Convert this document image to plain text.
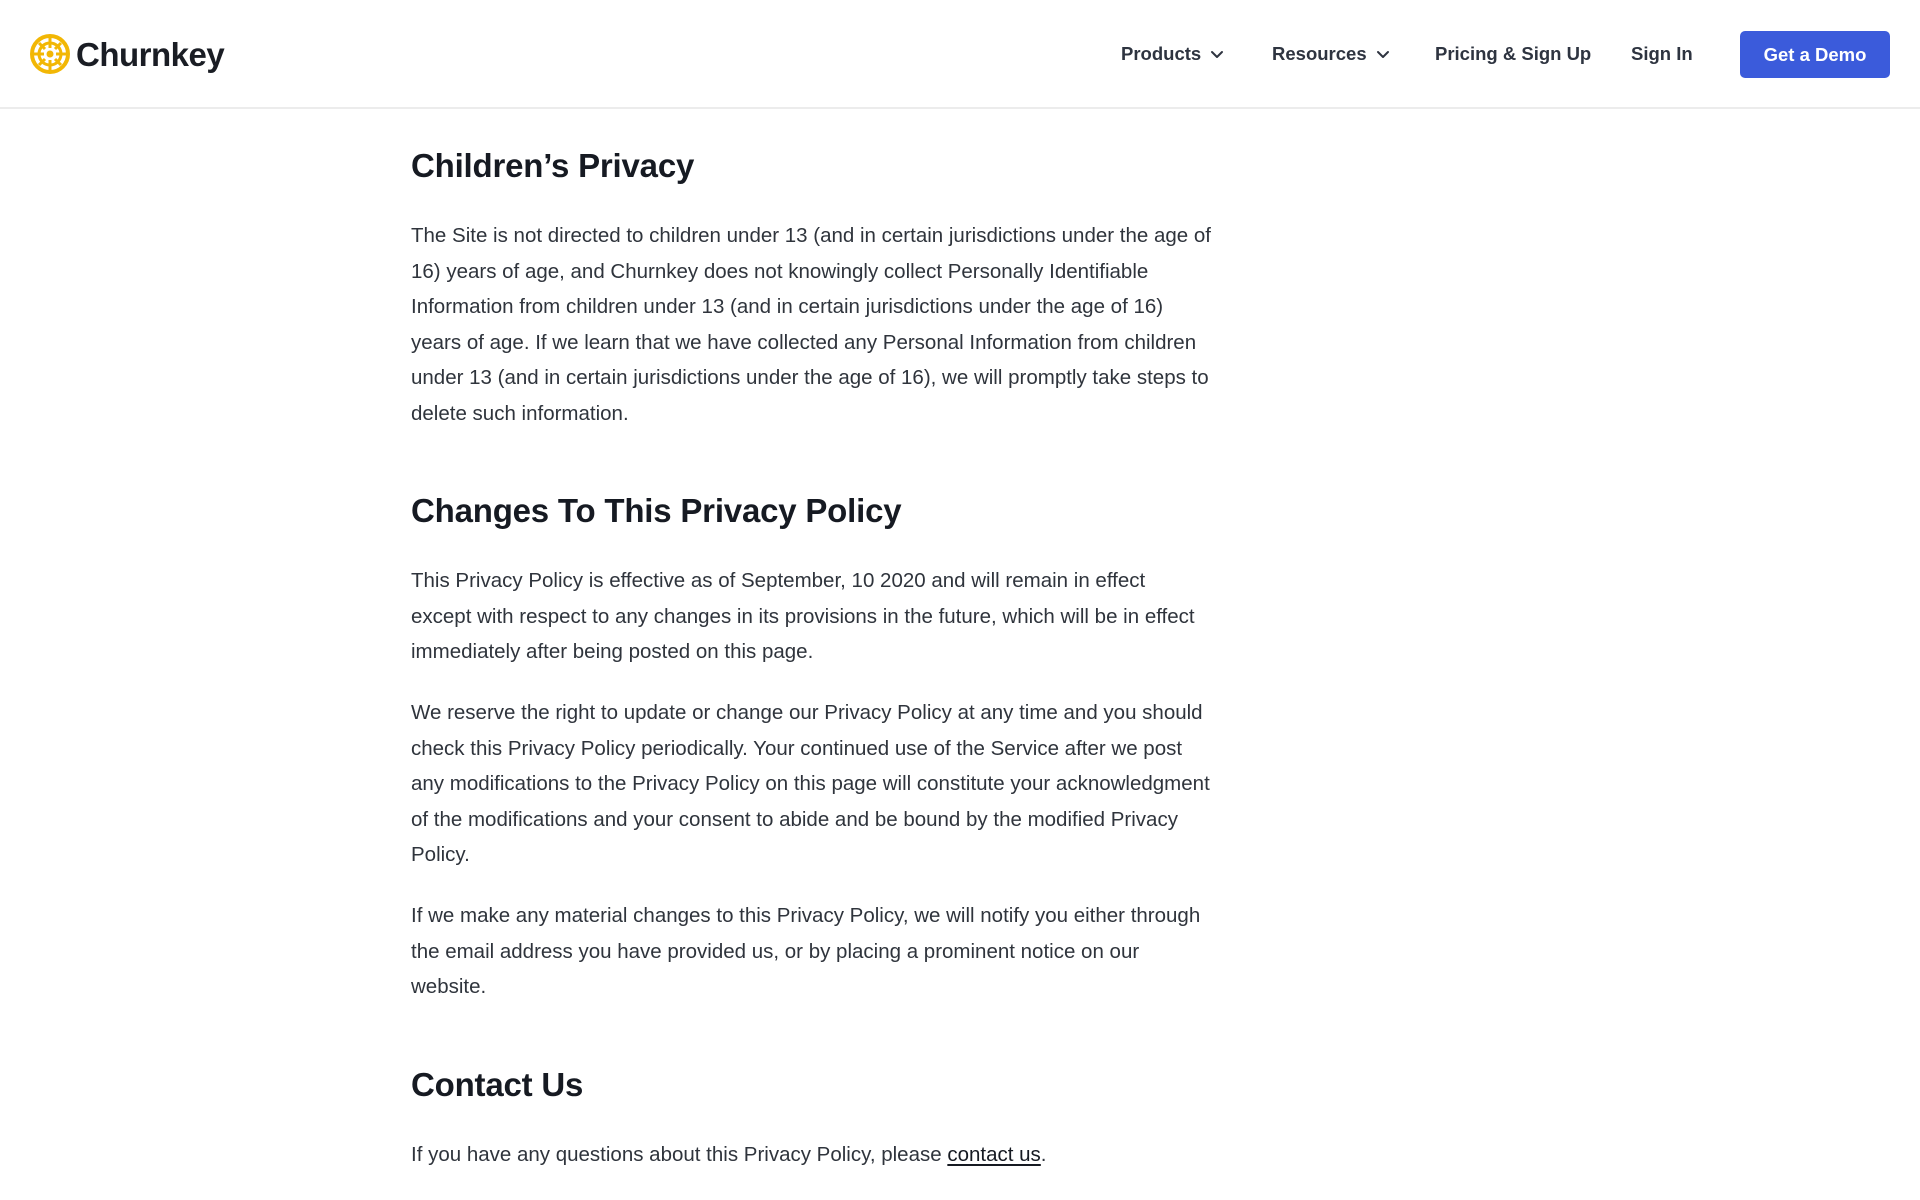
Churnkey	Products	Resources	Pricing & Sign Up Sign In	Get a Demo
Children’s Privacy

The Site is not directed to children under 13 (and in certain jurisdictions under the age of 16) years of age, and Churnkey does not knowingly collect Personally Identifiable Information from children under 13 (and in certain jurisdictions under the age of 16) years of age. If we learn that we have collected any Personal Information from children under 13 (and in certain jurisdictions under the age of 16), we will promptly take steps to delete such information.

Changes To This Privacy Policy

This Privacy Policy is effective as of September, 10 2020 and will remain in effect except with respect to any changes in its provisions in the future, which will be in effect immediately after being posted on this page.

We reserve the right to update or change our Privacy Policy at any time and you should check this Privacy Policy periodically. Your continued use of the Service after we post any modifications to the Privacy Policy on this page will constitute your acknowledgment of the modifications and your consent to abide and be bound by the modified Privacy Policy.

If we make any material changes to this Privacy Policy, we will notify you either through the email address you have provided us, or by placing a prominent notice on our website.

Contact Us

If you have any questions about this Privacy Policy, please contact us.
